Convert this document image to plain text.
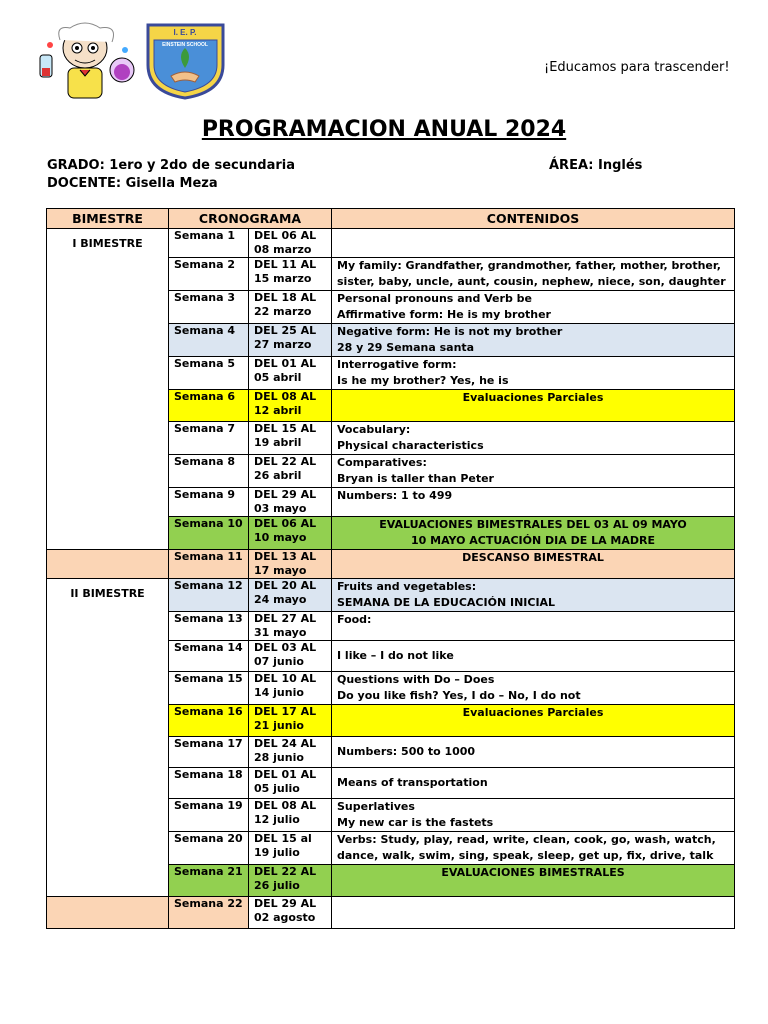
I. E. P.
EINSTEIN SCHOOL
¡Educamos para trascender!
PROGRAMACION ANUAL 2024
GRADO: 1ero y 2do de secundaria	ÁREA: Inglés
DOCENTE: Gisella Meza
BIMESTRE	CRONOGRAMA		CONTENIDOS

I BIMESTRE	Semana 1	DEL 06 AL 08 marzo	
	Semana 2	DEL 11 AL 15 marzo	My family: Grandfather, grandmother, father, mother, brother, sister, baby, uncle, aunt, cousin, nephew, niece, son, daughter
	Semana 3	DEL 18 AL 22 marzo	Personal pronouns and Verb be
Affirmative form: He is my brother
	Semana 4	DEL 25 AL 27 marzo	Negative form: He is not my brother
28 y 29 Semana santa
	Semana 5	DEL 01 AL 05 abril	Interrogative form:
Is he my brother? Yes, he is
	Semana 6	DEL 08 AL 12 abril	Evaluaciones Parciales
	Semana 7	DEL 15 AL 19 abril	Vocabulary:
Physical characteristics
	Semana 8	DEL 22 AL 26 abril	Comparatives:
Bryan is taller than Peter
	Semana 9	DEL 29 AL 03 mayo	Numbers: 1 to 499
	Semana 10	DEL 06 AL 10 mayo	EVALUACIONES BIMESTRALES DEL 03 AL 09 MAYO
10 MAYO ACTUACIÓN DIA DE LA MADRE
	Semana 11	DEL 13 AL 17 mayo	DESCANSO BIMESTRAL

II BIMESTRE	Semana 12	DEL 20 AL 24 mayo	Fruits and vegetables:
SEMANA DE LA EDUCACIÓN INICIAL
	Semana 13	DEL 27 AL 31 mayo	Food:
	Semana 14	DEL 03 AL 07 junio	I like – I do not like
	Semana 15	DEL 10 AL 14 junio	Questions with Do – Does
Do you like fish? Yes, I do – No, I do not
	Semana 16	DEL 17 AL 21 junio	Evaluaciones Parciales
	Semana 17	DEL 24 AL 28 junio	Numbers: 500 to 1000
	Semana 18	DEL 01 AL 05 julio	Means of transportation
	Semana 19	DEL 08 AL 12 julio	Superlatives
My new car is the fastets
	Semana 20	DEL 15 al 19 julio	Verbs: Study, play, read, write, clean, cook, go, wash, watch, dance, walk, swim, sing, speak, sleep, get up, fix, drive, talk
	Semana 21	DEL 22 AL 26 julio	EVALUACIONES BIMESTRALES
	Semana 22	DEL 29 AL 02 agosto	
